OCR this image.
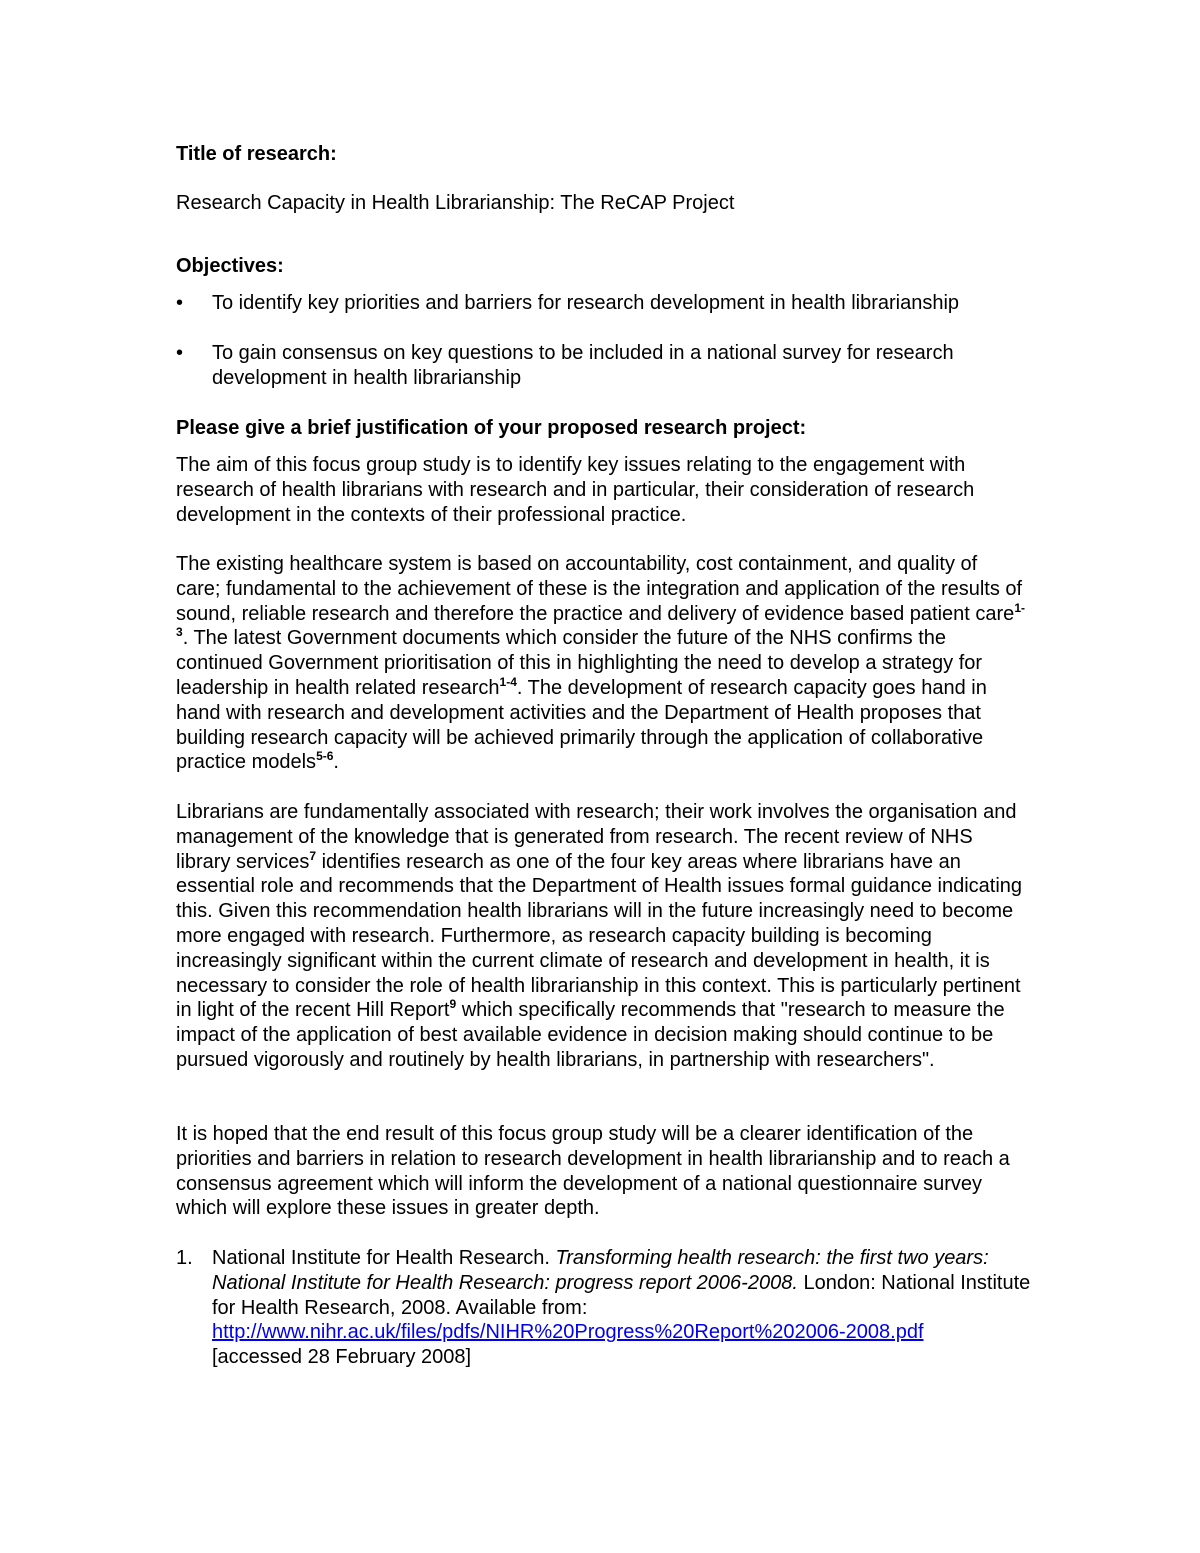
Title of research:

Research Capacity in Health Librarianship: The ReCAP Project

Objectives:

• To identify key priorities and barriers for research development in health librarianship

• To gain consensus on key questions to be included in a national survey for research development in health librarianship

Please give a brief justification of your proposed research project:

The aim of this focus group study is to identify key issues relating to the engagement with research of health librarians with research and in particular, their consideration of research development in the contexts of their professional practice.

The existing healthcare system is based on accountability, cost containment, and quality of care; fundamental to the achievement of these is the integration and application of the results of sound, reliable research and therefore the practice and delivery of evidence based patient care$^{1-3}$. The latest Government documents which consider the future of the NHS confirms the continued Government prioritisation of this in highlighting the need to develop a strategy for leadership in health related research$^{1-4}$. The development of research capacity goes hand in hand with research and development activities and the Department of Health proposes that building research capacity will be achieved primarily through the application of collaborative practice models$^{5-6}$.

Librarians are fundamentally associated with research; their work involves the organisation and management of the knowledge that is generated from research. The recent review of NHS library services$^7$ identifies research as one of the four key areas where librarians have an essential role and recommends that the Department of Health issues formal guidance indicating this. Given this recommendation health librarians will in the future increasingly need to become more engaged with research. Furthermore, as research capacity building is becoming increasingly significant within the current climate of research and development in health, it is necessary to consider the role of health librarianship in this context. This is particularly pertinent in light of the recent Hill Report$^9$ which specifically recommends that "research to measure the impact of the application of best available evidence in decision making should continue to be pursued vigorously and routinely by health librarians, in partnership with researchers".

It is hoped that the end result of this focus group study will be a clearer identification of the priorities and barriers in relation to research development in health librarianship and to reach a consensus agreement which will inform the development of a national questionnaire survey which will explore these issues in greater depth.

1. National Institute for Health Research. Transforming health research: the first two years: National Institute for Health Research: progress report 2006-2008. London: National Institute for Health Research, 2008. Available from:
http://www.nihr.ac.uk/files/pdfs/NIHR%20Progress%20Report%202006-2008.pdf
[accessed 28 February 2008]
